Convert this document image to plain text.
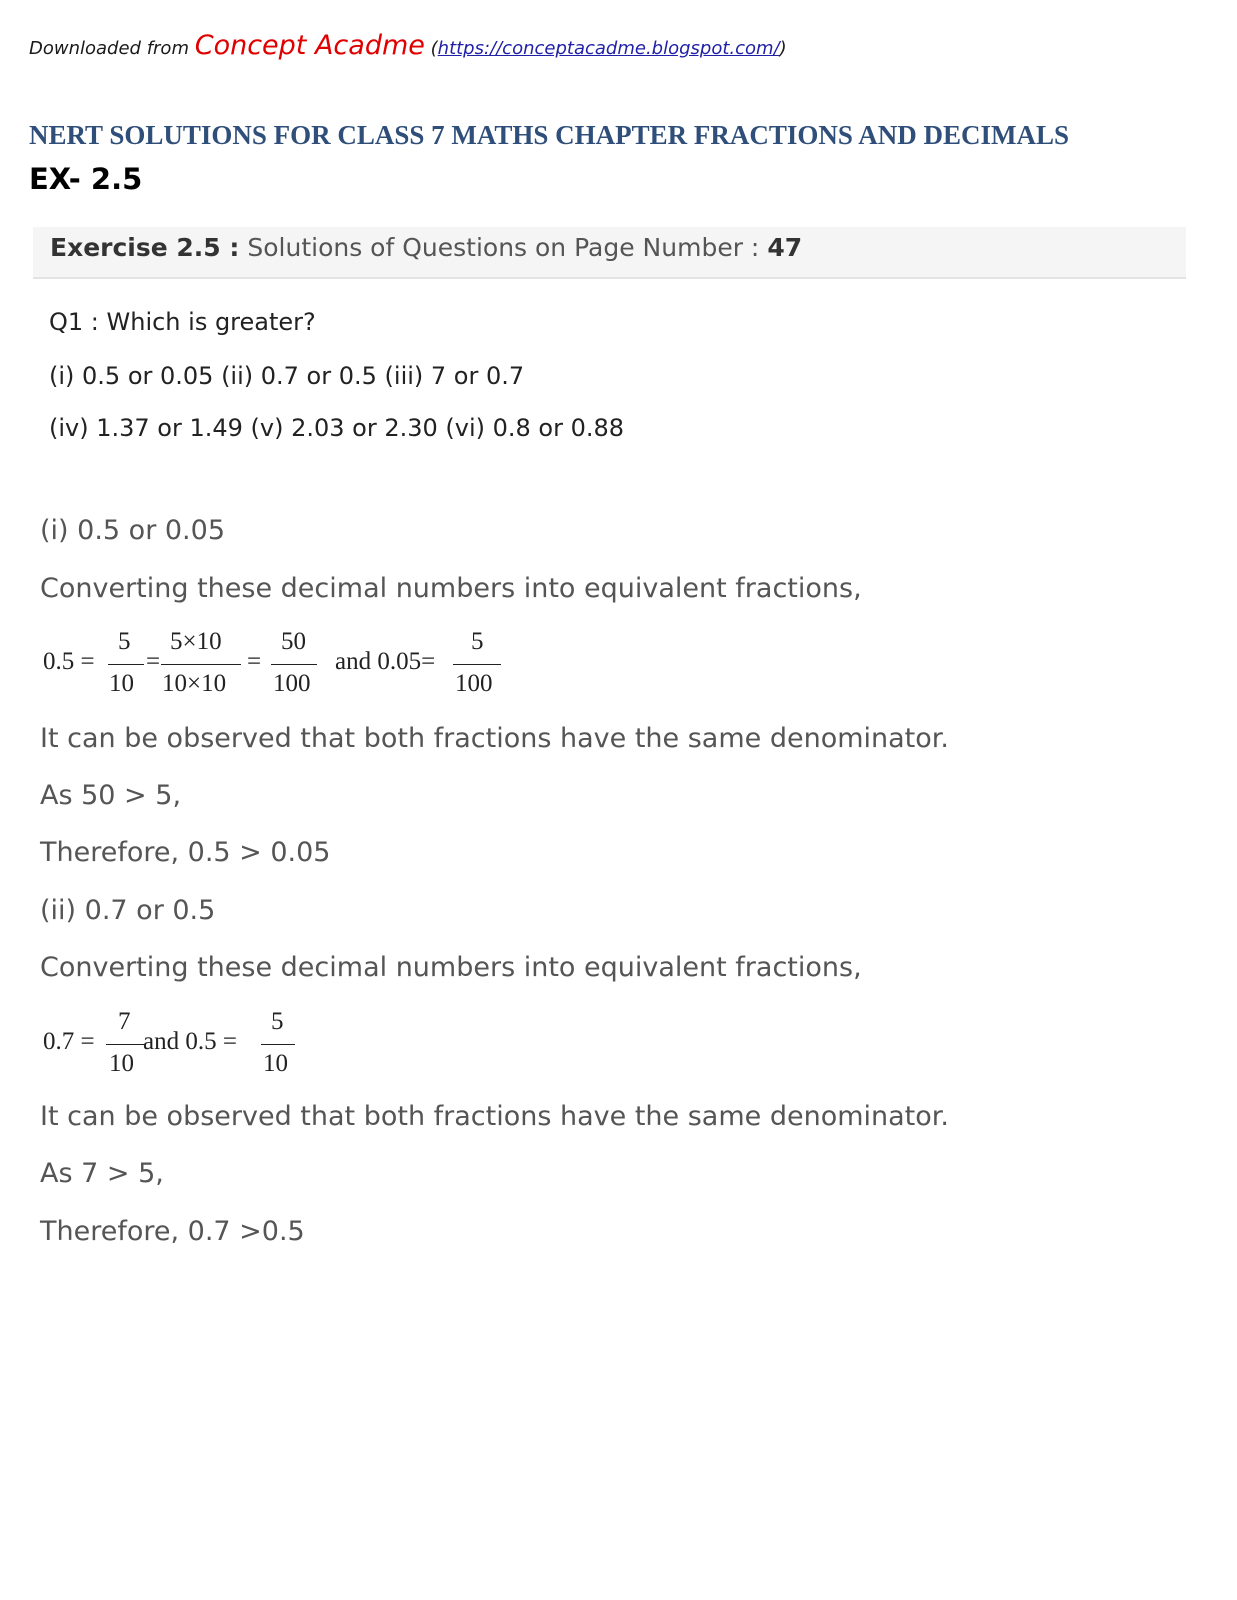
Downloaded from Concept Acadme (https://conceptacadme.blogspot.com/)
NERT SOLUTIONS FOR CLASS 7 MATHS CHAPTER FRACTIONS AND DECIMALS
EX- 2.5
Exercise 2.5 : Solutions of Questions on Page Number : 47
Q1 : Which is greater?
(i) 0.5 or 0.05 (ii) 0.7 or 0.5 (iii) 7 or 0.7
(iv) 1.37 or 1.49 (v) 2.03 or 2.30 (vi) 0.8 or 0.88
(i) 0.5 or 0.05
Converting these decimal numbers into equivalent fractions,
0.5 =
5
10
=
5×10
10×10
=
50
100
and 0.05=
5
100
It can be observed that both fractions have the same denominator.
As 50 > 5,
Therefore, 0.5 > 0.05
(ii) 0.7 or 0.5
Converting these decimal numbers into equivalent fractions,
0.7 =
7
10
and 0.5 =
5
10
It can be observed that both fractions have the same denominator.
As 7 > 5,
Therefore, 0.7 >0.5
